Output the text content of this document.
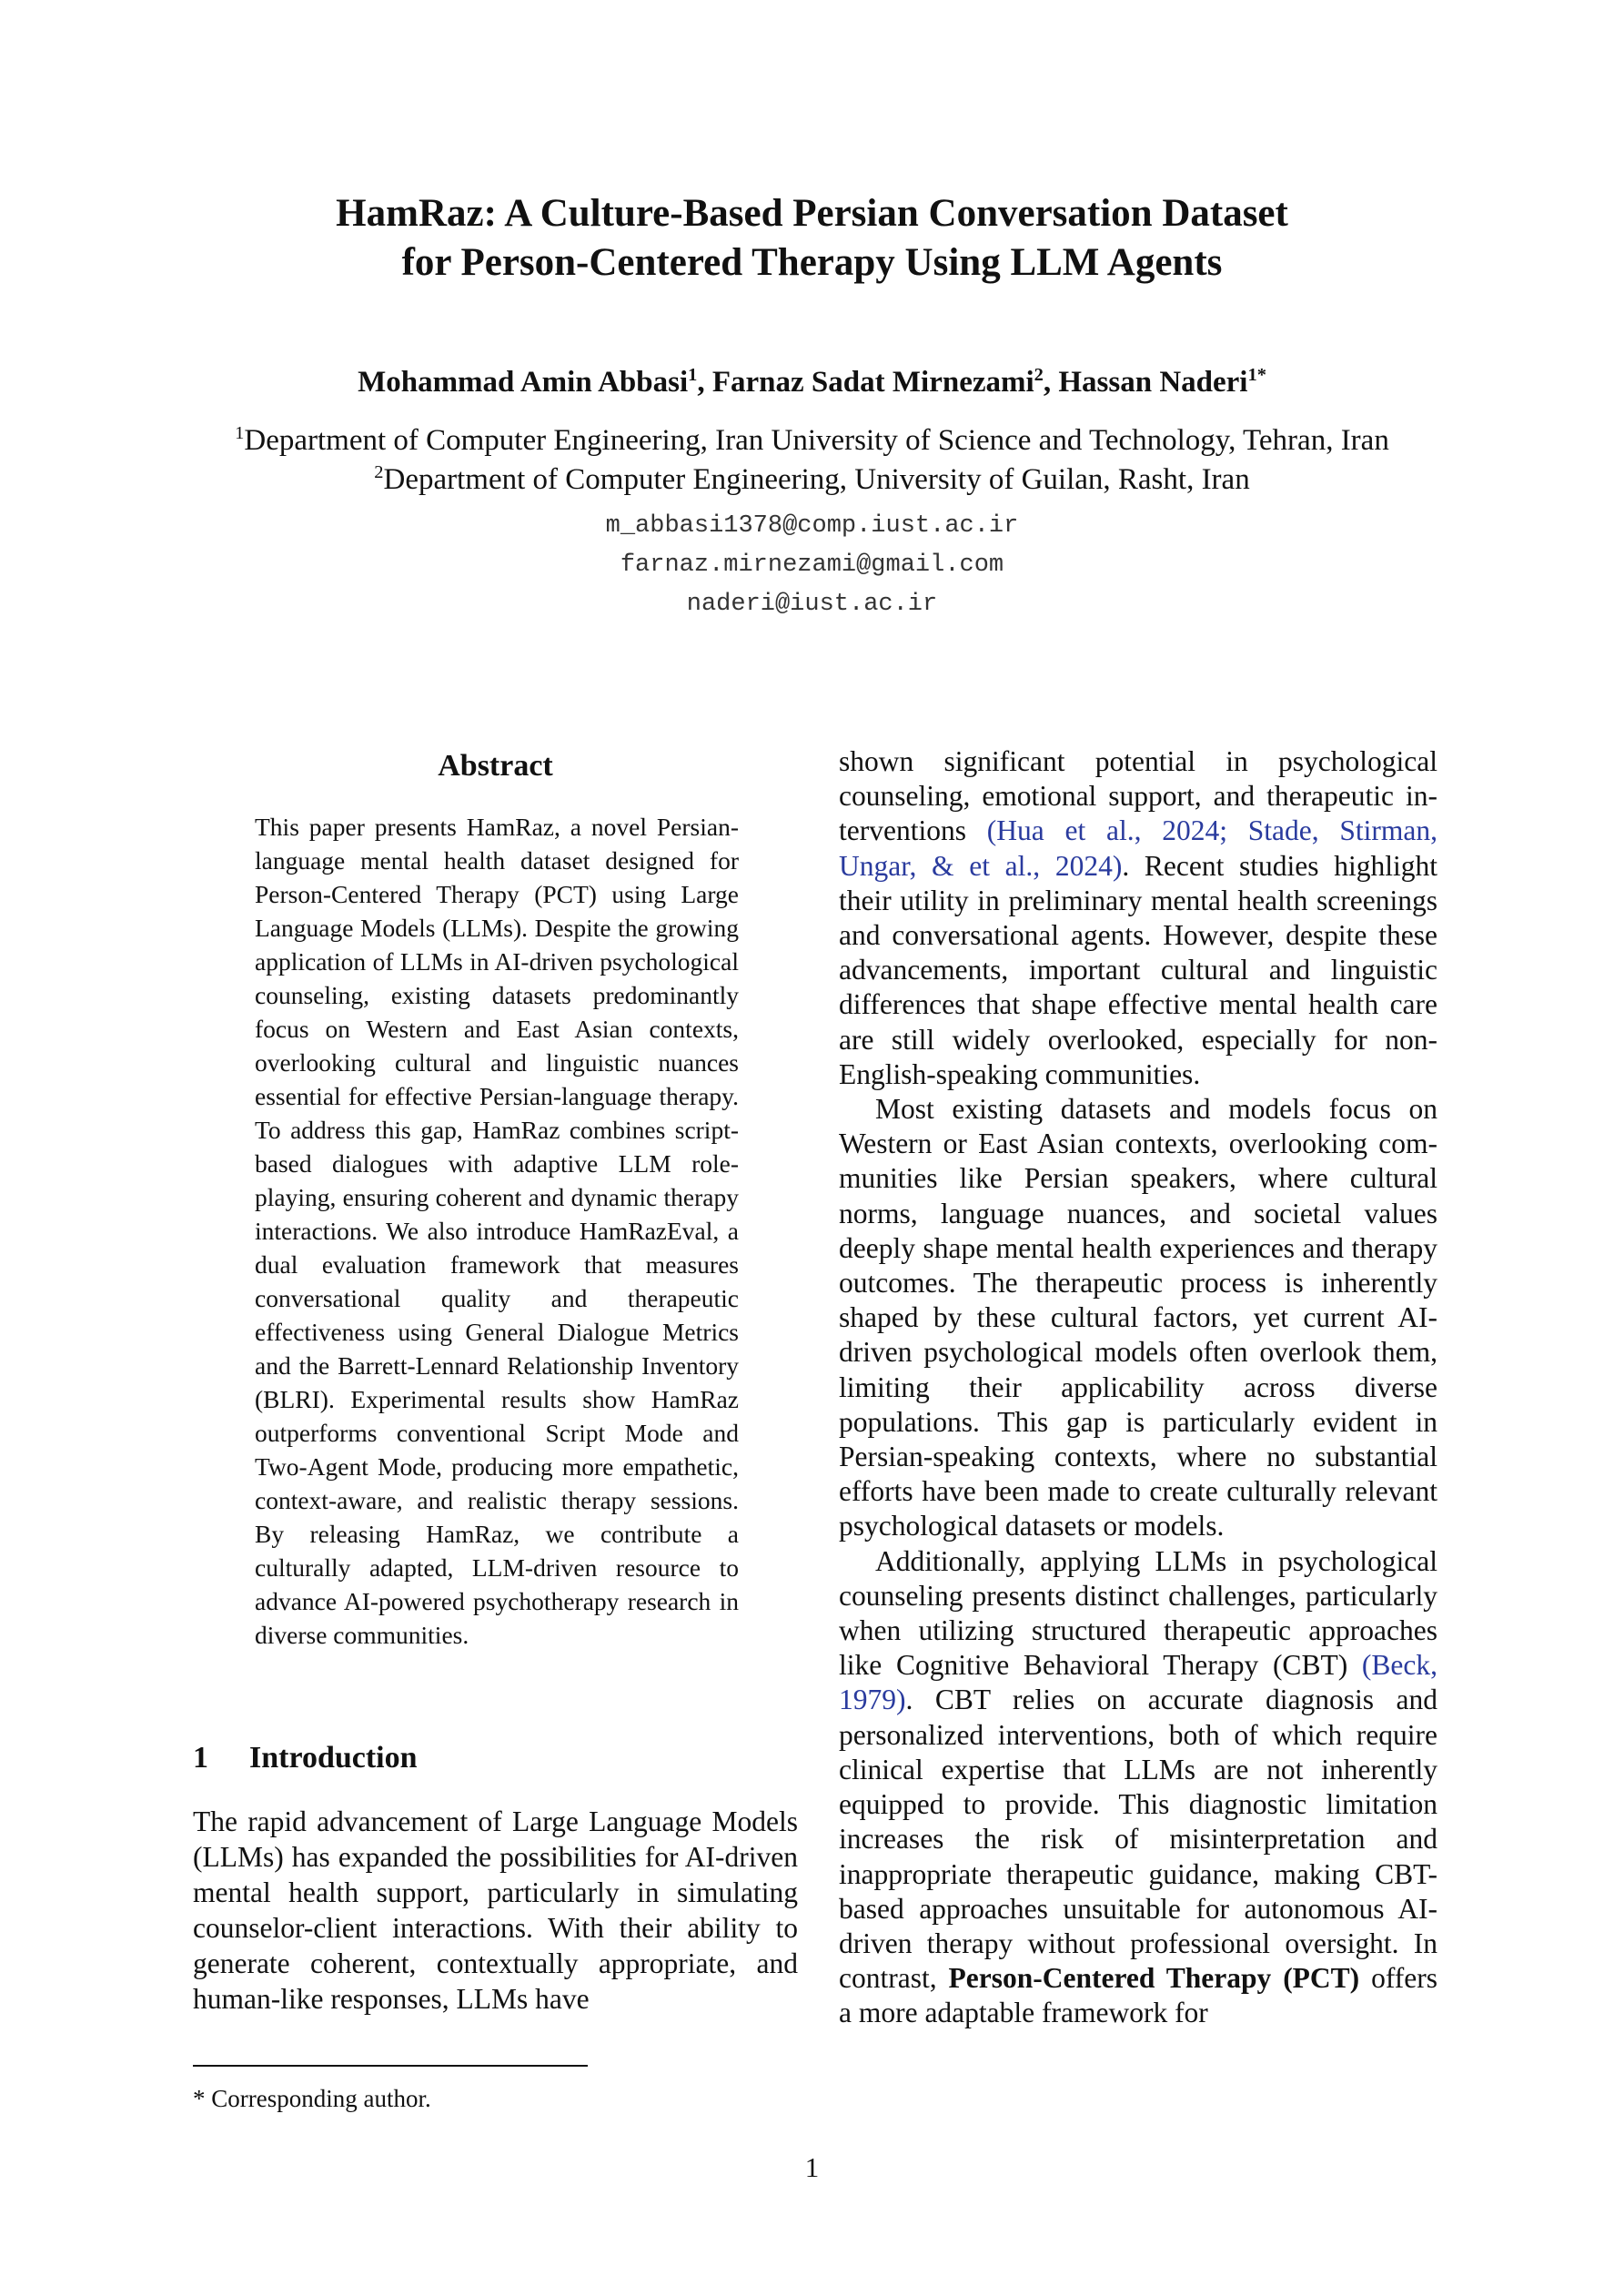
HamRaz: A Culture-Based Persian Conversation Dataset
for Person-Centered Therapy Using LLM Agents
Mohammad Amin Abbasi$^1$, Farnaz Sadat Mirnezami$^2$, Hassan Naderi$^{1*}$
$^1$Department of Computer Engineering, Iran University of Science and Technology, Tehran, Iran
$^2$Department of Computer Engineering, University of Guilan, Rasht, Iran
m_abbasi1378@comp.iust.ac.ir
farnaz.mirnezami@gmail.com
naderi@iust.ac.ir
Abstract
This paper presents HamRaz, a novel Persian-language mental health dataset designed for Person-Centered Therapy (PCT) using Large Language Models (LLMs). Despite the growing application of LLMs in AI-driven psychological counseling, existing datasets predominantly focus on Western and East Asian contexts, overlooking cultural and linguistic nuances essential for effective Persian-language therapy. To address this gap, HamRaz combines script-based dialogues with adaptive LLM role-playing, ensuring coherent and dynamic therapy interactions. We also introduce HamRazEval, a dual evaluation framework that measures conversational quality and therapeutic effectiveness using General Dialogue Metrics and the Barrett-Lennard Relationship Inventory (BLRI). Experimental results show HamRaz outperforms conventional Script Mode and Two-Agent Mode, producing more empathetic, context-aware, and realistic therapy sessions. By releasing HamRaz, we contribute a culturally adapted, LLM-driven resource to advance AI-powered psychotherapy research in diverse communities.
1 Introduction
The rapid advancement of Large Language Models (LLMs) has expanded the possibilities for AI-driven mental health support, particularly in simulating counselor-client interactions. With their ability to generate coherent, contextually appropriate, and human-like responses, LLMs have

shown significant potential in psychological counseling, emotional support, and therapeutic interventions (Hua et al., 2024; Stade, Stirman, Ungar, & et al., 2024). Recent studies highlight their utility in preliminary mental health screenings and conversational agents. However, despite these advancements, important cultural and linguistic differences that shape effective mental health care are still widely overlooked, especially for non-English-speaking communities.

Most existing datasets and models focus on Western or East Asian contexts, overlooking communities like Persian speakers, where cultural norms, language nuances, and societal values deeply shape mental health experiences and therapy outcomes. The therapeutic process is inherently shaped by these cultural factors, yet current AI-driven psychological models often overlook them, limiting their applicability across diverse populations. This gap is particularly evident in Persian-speaking contexts, where no substantial efforts have been made to create culturally relevant psychological datasets or models.

Additionally, applying LLMs in psychological counseling presents distinct challenges, particularly when utilizing structured therapeutic approaches like Cognitive Behavioral Therapy (CBT) (Beck, 1979). CBT relies on accurate diagnosis and personalized interventions, both of which require clinical expertise that LLMs are not inherently equipped to provide. This diagnostic limitation increases the risk of misinterpretation and inappropriate therapeutic guidance, making CBT-based approaches unsuitable for autonomous AI-driven therapy without professional oversight. In contrast, Person-Centered Therapy (PCT) offers a more adaptable framework for

* Corresponding author.
1
